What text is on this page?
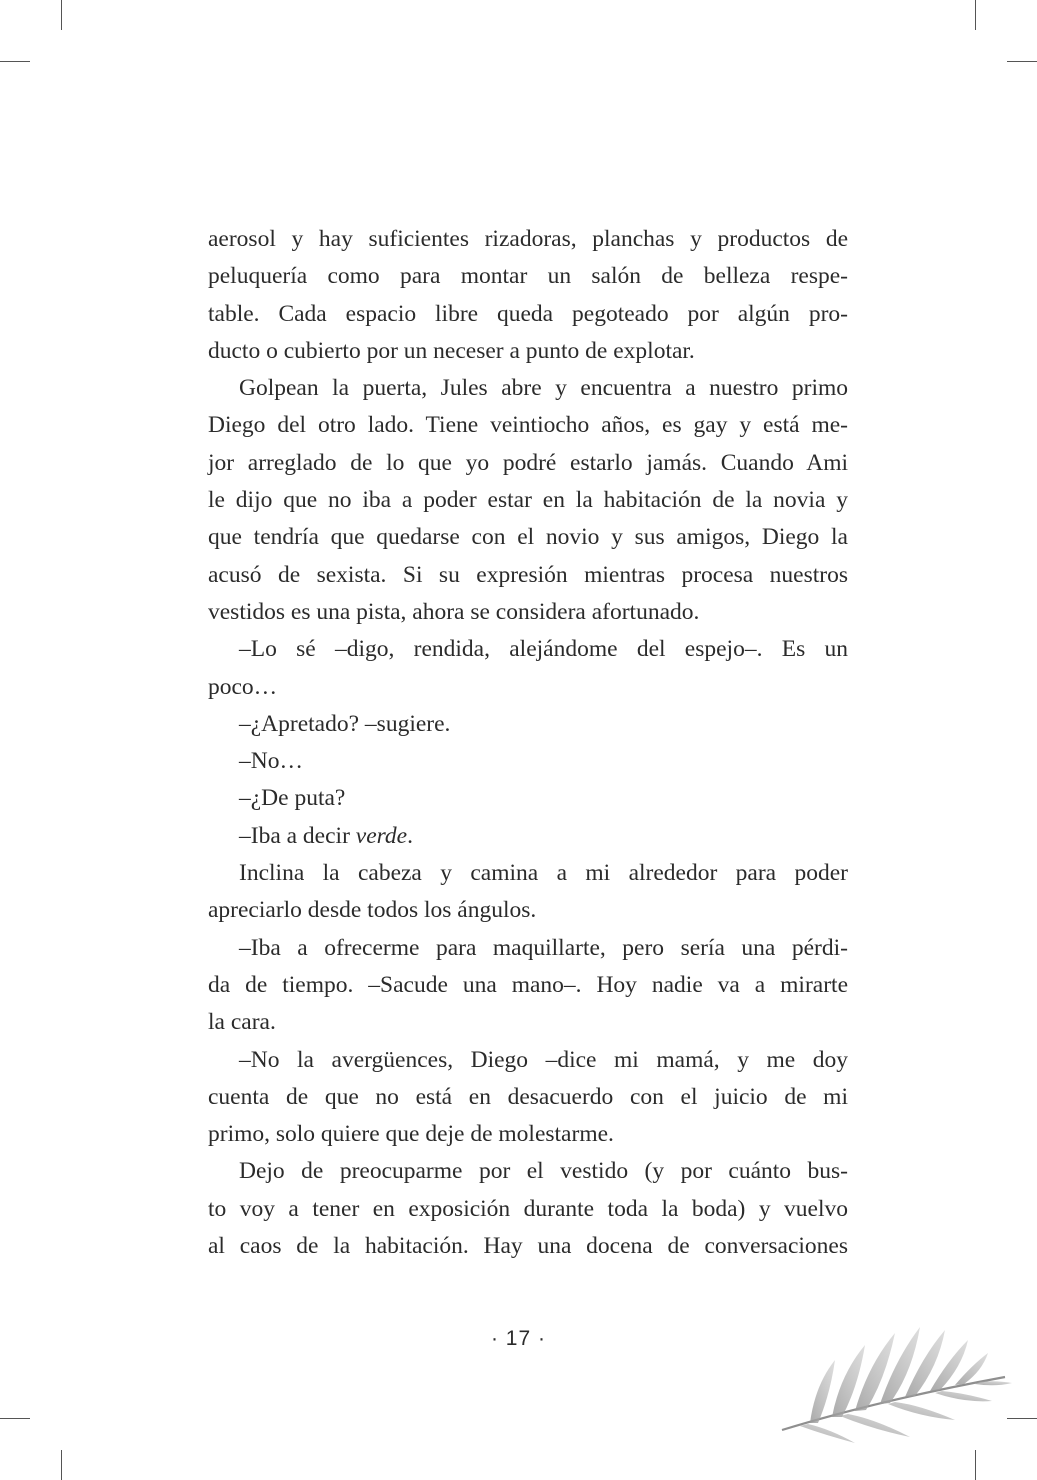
aerosol y hay suficientes rizadoras, planchas y productos de
peluquería como para montar un salón de belleza respe-
table. Cada espacio libre queda pegoteado por algún pro-
ducto o cubierto por un neceser a punto de explotar.
Golpean la puerta, Jules abre y encuentra a nuestro primo
Diego del otro lado. Tiene veintiocho años, es gay y está me-
jor arreglado de lo que yo podré estarlo jamás. Cuando Ami
le dijo que no iba a poder estar en la habitación de la novia y
que tendría que quedarse con el novio y sus amigos, Diego la
acusó de sexista. Si su expresión mientras procesa nuestros
vestidos es una pista, ahora se considera afortunado.
–Lo sé –digo, rendida, alejándome del espejo–. Es un
poco…
–¿Apretado? –sugiere.
–No…
–¿De puta?
–Iba a decir verde.
Inclina la cabeza y camina a mi alrededor para poder
apreciarlo desde todos los ángulos.
–Iba a ofrecerme para maquillarte, pero sería una pérdi-
da de tiempo. –Sacude una mano–. Hoy nadie va a mirarte
la cara.
–No la avergüences, Diego –dice mi mamá, y me doy
cuenta de que no está en desacuerdo con el juicio de mi
primo, solo quiere que deje de molestarme.
Dejo de preocuparme por el vestido (y por cuánto bus-
to voy a tener en exposición durante toda la boda) y vuelvo
al caos de la habitación. Hay una docena de conversaciones
· 17 ·
